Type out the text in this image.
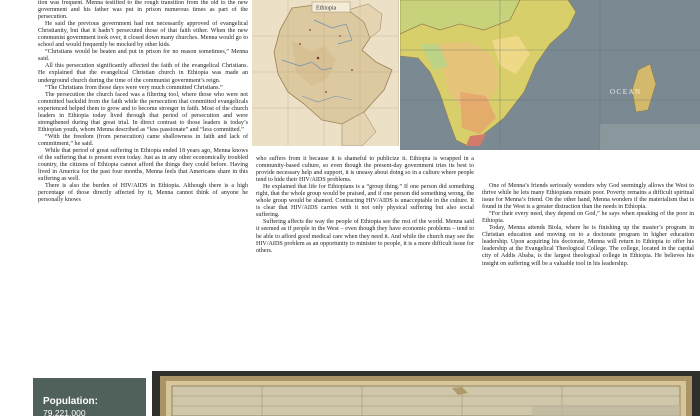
tion was frequent. Menna testified to the rough transition from the old to the new government and his father was put in prison numerous times as part of the persecution.

He said the previous government had not necessarily approved of evangelical Christianity, but that it hadn’t persecuted those of that faith either. When the new communist government took over, it closed down many churches. Menna would go to school and would frequently be mocked by other kids.

“Christians would be beaten and put in prison for no reason sometimes,” Menna said.

All this persecution significantly affected the faith of the evangelical Christians. He explained that the evangelical Christian church in Ethiopia was made an underground church during the time of the communist government’s reign.

“The Christians from those days were very much committed Christians.”

The persecution the church faced was a filtering tool, where those who were not committed backslid from the faith while the persecution that committed evangelicals experienced helped them to grow and to become stronger in faith. Most of the church leaders in Ethiopia today lived through that period of persecution and were strengthened during that great trial. In direct contrast to those leaders is today’s Ethiopian youth, whom Menna described as “less passionate” and “less committed.”

“With the freedom (from persecution) came shallowness in faith and lack of commitment,” he said.

While that period of great suffering in Ethiopia ended 18 years ago, Menna knows of the suffering that is present even today. Just as in any other economically troubled country, the citizens of Ethiopia cannot afford the things they could before. Having lived in America for the past four months, Menna feels that Americans share in this suffering as well.

There is also the burden of HIV/AIDS in Ethiopia. Although there is a high percentage of those directly affected by it, Menna cannot think of anyone he personally knows

Ethiopia
OCEAN

who suffers from it because it is shameful to publicize it. Ethiopia is wrapped in a community-based culture, so even though the present-day government tries its best to provide necessary help and support, it is uneasy about doing so in a culture where people tend to hide their HIV/AIDS problems.

He explained that life for Ethiopians is a “group thing.” If one person did something right, that the whole group would be praised, and if one person did something wrong, the whole group would be shamed. Contracting HIV/AIDS is unacceptable in the culture. It is clear that HIV/AIDS carries with it not only physical suffering but also social suffering.

Suffering affects the way the people of Ethiopia see the rest of the world. Menna said it seemed as if people in the West – even though they have economic problems – tend to be able to afford good medical care when they need it. And while the church may see the HIV/AIDS problem as an opportunity to minister to people, it is a more difficult issue for others.

One of Menna’s friends seriously wonders why God seemingly allows the West to thrive while he lets many Ethiopians remain poor. Poverty remains a difficult spiritual issue for Menna’s friend. On the other hand, Menna wonders if the materialism that is found in the West is a greater distraction than the needs in Ethiopia.

“For their every need, they depend on God,” he says when speaking of the poor in Ethiopia.

Today, Menna attends Biola, where he is finishing up the master’s program in Christian education and moving on to a doctorate program in higher education leadership. Upon acquiring his doctorate, Menna will return to Ethiopia to offer his leadership at the Evangelical Theological College. The college, located in the capital city of Addis Ababa, is the largest theological college in Ethiopia. He believes his insight on suffering will be a valuable tool in his leadership.

Population:
79,221,000
